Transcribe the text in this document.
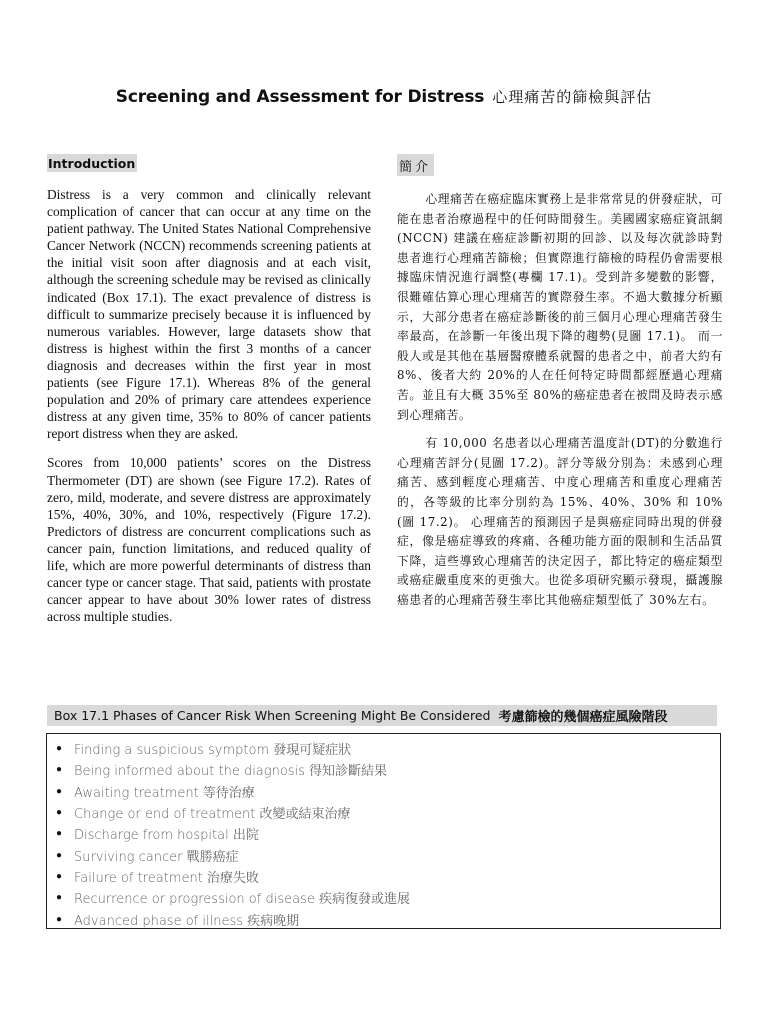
Screening and Assessment for Distress 心理痛苦的篩檢與評估
Introduction

Distress is a very common and clinically relevant complication of cancer that can occur at any time on the patient pathway. The United States National Comprehensive Cancer Network (NCCN) recommends screening patients at the initial visit soon after diagnosis and at each visit, although the screening schedule may be revised as clinically indicated (Box 17.1). The exact prevalence of distress is difficult to summarize precisely because it is influenced by numerous variables. However, large datasets show that distress is highest within the first 3 months of a cancer diagnosis and decreases within the first year in most patients (see Figure 17.1). Whereas 8% of the general population and 20% of primary care attendees experience distress at any given time, 35% to 80% of cancer patients report distress when they are asked.

Scores from 10,000 patients’ scores on the Distress Thermometer (DT) are shown (see Figure 17.2). Rates of zero, mild, moderate, and severe distress are approximately 15%, 40%, 30%, and 10%, respectively (Figure 17.2). Predictors of distress are concurrent complications such as cancer pain, function limitations, and reduced quality of life, which are more powerful determinants of distress than cancer type or cancer stage. That said, patients with prostate cancer appear to have about 30% lower rates of distress across multiple studies.

簡介

心理痛苦在癌症臨床實務上是非常常見的併發症狀，可能在患者治療過程中的任何時間發生。美國國家癌症資訊網(NCCN) 建議在癌症診斷初期的回診、以及每次就診時對患者進行心理痛苦篩檢；但實際進行篩檢的時程仍會需要根據臨床情況進行調整(專欄 17.1)。受到許多變數的影響，很難確估算心理心理痛苦的實際發生率。不過大數據分析顯示，大部分患者在癌症診斷後的前三個月心理心理痛苦發生率最高，在診斷一年後出現下降的趨勢(見圖 17.1)。 而一般人或是其他在基層醫療體系就醫的患者之中，前者大約有 8%、後者大約 20%的人在任何特定時間都經歷過心理痛苦。並且有大概 35%至 80%的癌症患者在被問及時表示感到心理痛苦。

有 10,000 名患者以心理痛苦溫度計(DT)的分數進行心理痛苦評分(見圖 17.2)。評分等級分別為：未感到心理痛苦、感到輕度心理痛苦、中度心理痛苦和重度心理痛苦的，各等級的比率分別約為 15%、40%、30% 和 10%(圖 17.2)。 心理痛苦的預測因子是與癌症同時出現的併發症，像是癌症導致的疼痛、各種功能方面的限制和生活品質下降，這些導致心理痛苦的決定因子，都比特定的癌症類型或癌症嚴重度來的更強大。也從多項研究顯示發現，攝護腺癌患者的心理痛苦發生率比其他癌症類型低了 30%左右。

Box 17.1 Phases of Cancer Risk When Screening Might Be Considered 考慮篩檢的幾個癌症風險階段
● Finding a suspicious symptom 發現可疑症狀
● Being informed about the diagnosis 得知診斷結果
● Awaiting treatment 等待治療
● Change or end of treatment 改變或結束治療
● Discharge from hospital 出院
● Surviving cancer 戰勝癌症
● Failure of treatment 治療失敗
● Recurrence or progression of disease 疾病復發或進展
● Advanced phase of illness 疾病晚期
